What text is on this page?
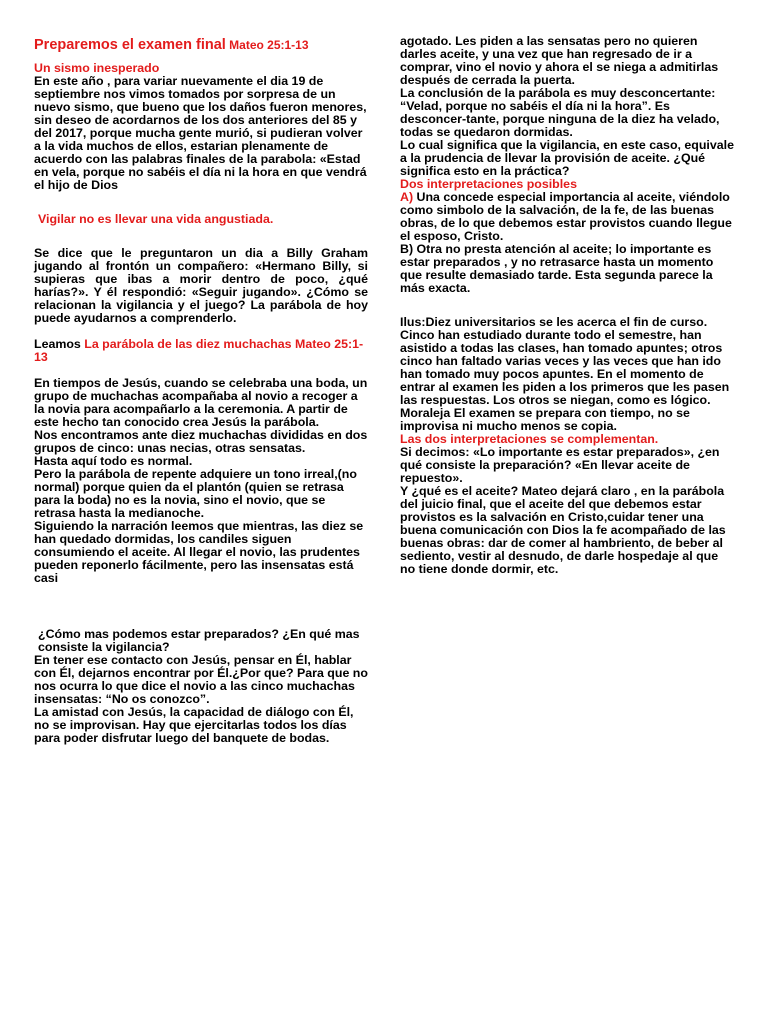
Preparemos el examen final Mateo 25:1-13

Un sismo inesperado

En este año , para variar nuevamente el dia 19 de septiembre nos vimos tomados por sorpresa de un nuevo sismo, que bueno que los daños fueron menores, sin deseo de acordarnos de los dos anteriores del 85 y del 2017, porque mucha gente murió, si pudieran volver a la vida muchos de ellos, estarian plenamente de acuerdo con las palabras finales de la parabola: «Estad en vela, porque no sabéis el día ni la hora en que vendrá el hijo de Dios

Vigilar no es llevar una vida angustiada.

Se dice que le preguntaron un dia a Billy Graham jugando al frontón un compañero: «Hermano Billy, si supieras que ibas a morir dentro de poco, ¿qué harías?». Y él respondió: «Seguir jugando». ¿Cómo se relacionan la vigilancia y el juego? La parábola de hoy puede ayudarnos a comprenderlo.

Leamos La parábola de las diez muchachas Mateo 25:1-13

En tiempos de Jesús, cuando se celebraba una boda, un grupo de muchachas acompañaba al novio a recoger a la novia para acompañarlo a la ceremonia. A partir de este hecho tan conocido crea Jesús la parábola.

Nos encontramos ante diez muchachas divididas en dos grupos de cinco: unas necias, otras sensatas.

Hasta aquí todo es normal.

Pero la parábola de repente adquiere un tono irreal,(no normal) porque quien da el plantón (quien se retrasa para la boda) no es la novia, sino el novio, que se retrasa hasta la medianoche.

Siguiendo la narración leemos que mientras, las diez se han quedado dormidas, los candiles siguen consumiendo el aceite. Al llegar el novio, las prudentes pueden reponerlo fácilmente, pero las insensatas está casi

¿Cómo mas podemos estar preparados? ¿En qué mas consiste la vigilancia?

En tener ese contacto con Jesús, pensar en Él, hablar con Él, dejarnos encontrar por Él.¿Por que? Para que no nos ocurra lo que dice el novio a las cinco muchachas insensatas: “No os conozco”.

La amistad con Jesús, la capacidad de diálogo con Él, no se improvisan. Hay que ejercitarlas todos los días para poder disfrutar luego del banquete de bodas.

agotado. Les piden a las sensatas pero no quieren darles aceite, y una vez que han regresado de ir a comprar, vino el novio y ahora el se niega a admitirlas después de cerrada la puerta.

La conclusión de la parábola es muy desconcertante: “Velad, porque no sabéis el día ni la hora”. Es desconcer-tante, porque ninguna de la diez ha velado, todas se quedaron dormidas.

Lo cual significa que la vigilancia, en este caso, equivale a la prudencia de llevar la provisión de aceite. ¿Qué significa esto en la práctica?

Dos interpretaciones posibles

A) Una concede especial importancia al aceite, viéndolo como simbolo de la salvación, de la fe, de las buenas obras, de lo que debemos estar provistos cuando llegue el esposo, Cristo.

B) Otra no presta atención al aceite; lo importante es estar preparados , y no retrasarce hasta un momento que resulte demasiado tarde. Esta segunda parece la más exacta.

Ilus:Diez universitarios se les acerca el fin de curso. Cinco han estudiado durante todo el semestre, han asistido a todas las clases, han tomado apuntes; otros cinco han faltado varias veces y las veces que han ido han tomado muy pocos apuntes. En el momento de entrar al examen les piden a los primeros que les pasen las respuestas. Los otros se niegan, como es lógico. Moraleja El examen se prepara con tiempo, no se improvisa ni mucho menos se copia.

Las dos interpretaciones se complementan.

Si decimos: «Lo importante es estar preparados», ¿en qué consiste la preparación? «En llevar aceite de repuesto».

Y ¿qué es el aceite? Mateo dejará claro , en la parábola del juicio final, que el aceite del que debemos estar provistos es la salvación en Cristo,cuidar tener una buena comunicación con Dios la fe acompañado de las buenas obras: dar de comer al hambriento, de beber al sediento, vestir al desnudo, de darle hospedaje al que no tiene donde dormir, etc.
